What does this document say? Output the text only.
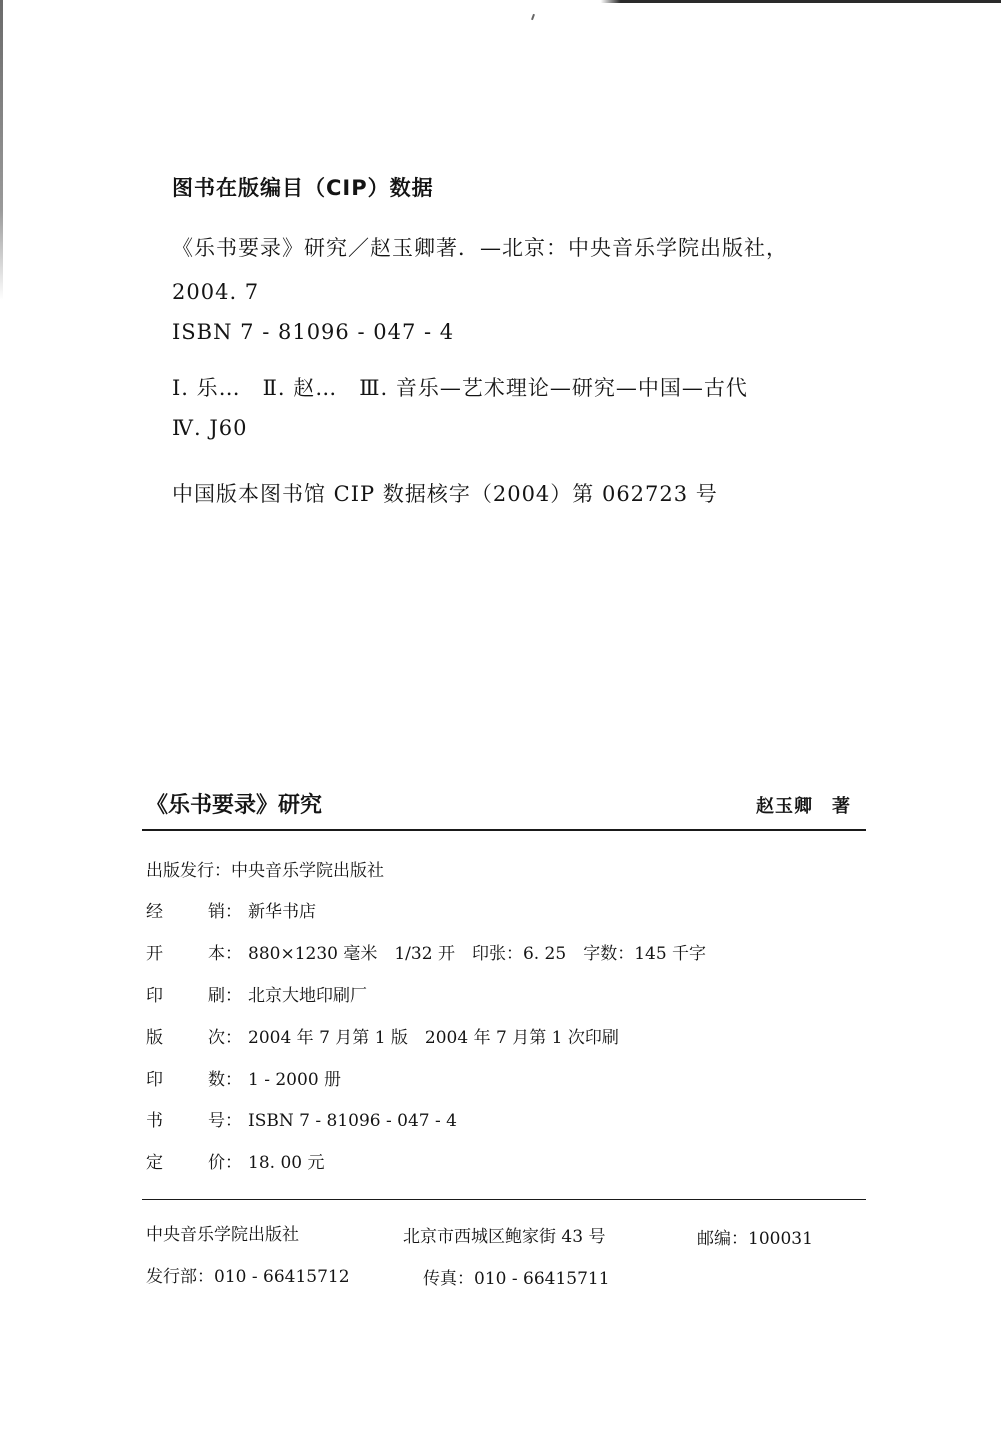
图书在版编目（CIP）数据
《乐书要录》研究／赵玉卿著．—北京：中央音乐学院出版社，
2004. 7
ISBN 7 - 81096 - 047 - 4
Ⅰ. 乐…　Ⅱ. 赵…　Ⅲ. 音乐—艺术理论—研究—中国—古代
Ⅳ. J60
中国版本图书馆 CIP 数据核字（2004）第 062723 号
《乐书要录》研究	赵玉卿　著
出版发行： 中央音乐学院出版社
经	销： 新华书店
开	本： 880×1230 毫米　1/32 开　印张：6. 25　字数：145 千字
印	刷： 北京大地印刷厂
版	次： 2004 年 7 月第 1 版　2004 年 7 月第 1 次印刷
印	数： 1 - 2000 册
书	号： ISBN 7 - 81096 - 047 - 4
定	价： 18. 00 元
中央音乐学院出版社	北京市西城区鲍家街 43 号	邮编：100031
发行部：010 - 66415712	传真：010 - 66415711
